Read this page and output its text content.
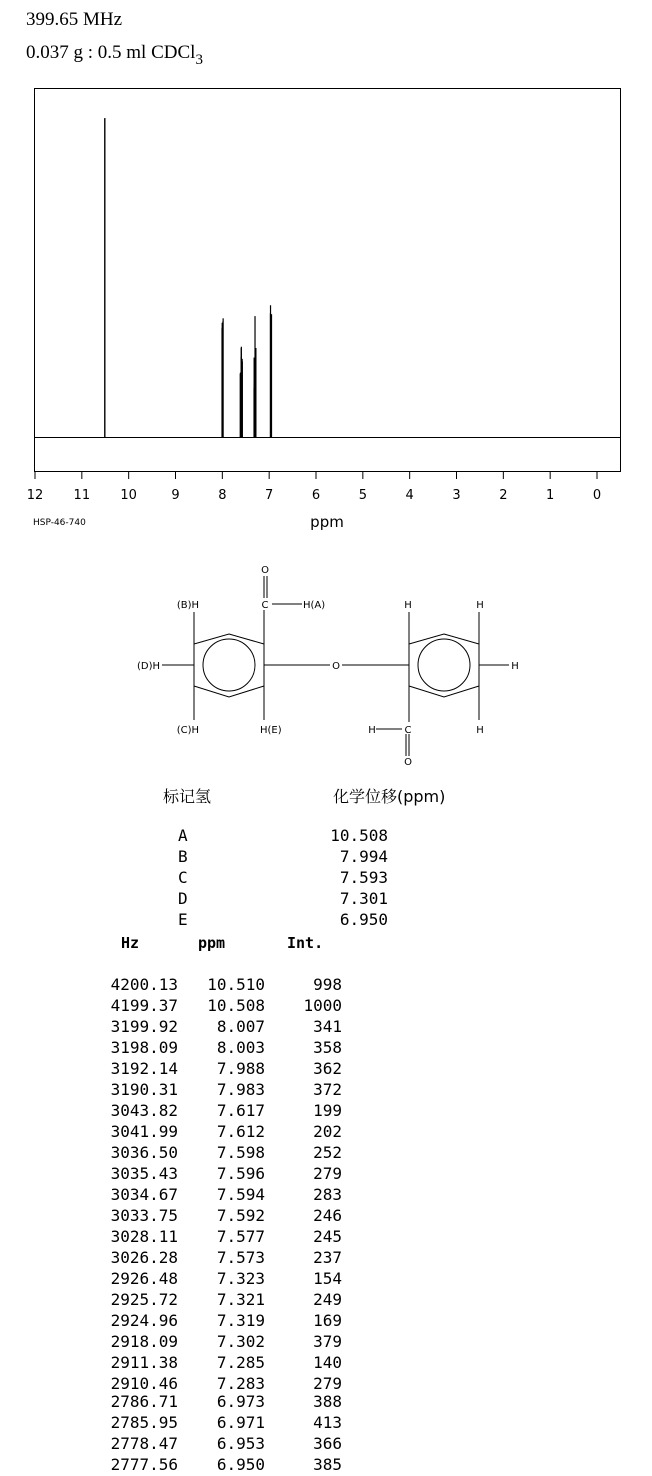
399.65 MHz
0.037 g : 0.5 ml CDCl$_3$
12 11 10	9	8	7	6	5	4	3	2	1	0
ppm
HSP-46-740
O
C	H(A)
(B)H
(D)H
(C)H	H(E)
O
H	H
H
H
H	C
O
标记氢	化学位移(ppm)
A	10.508
B	7.994
C	7.593
D	7.301
E	6.950
Hz	ppm	Int.
4200.13	10.510	998
4199.37	10.508	1000
3199.92	8.007	341
3198.09	8.003	358
3192.14	7.988	362
3190.31	7.983	372
3043.82	7.617	199
3041.99	7.612	202
3036.50	7.598	252
3035.43	7.596	279
3034.67	7.594	283
3033.75	7.592	246
3028.11	7.577	245
3026.28	7.573	237
2926.48	7.323	154
2925.72	7.321	249
2924.96	7.319	169
2918.09	7.302	379
2911.38	7.285	140
2910.46	7.283	279
2786.71	6.973	388
2785.95	6.971	413
2778.47	6.953	366
2777.56	6.950	385
